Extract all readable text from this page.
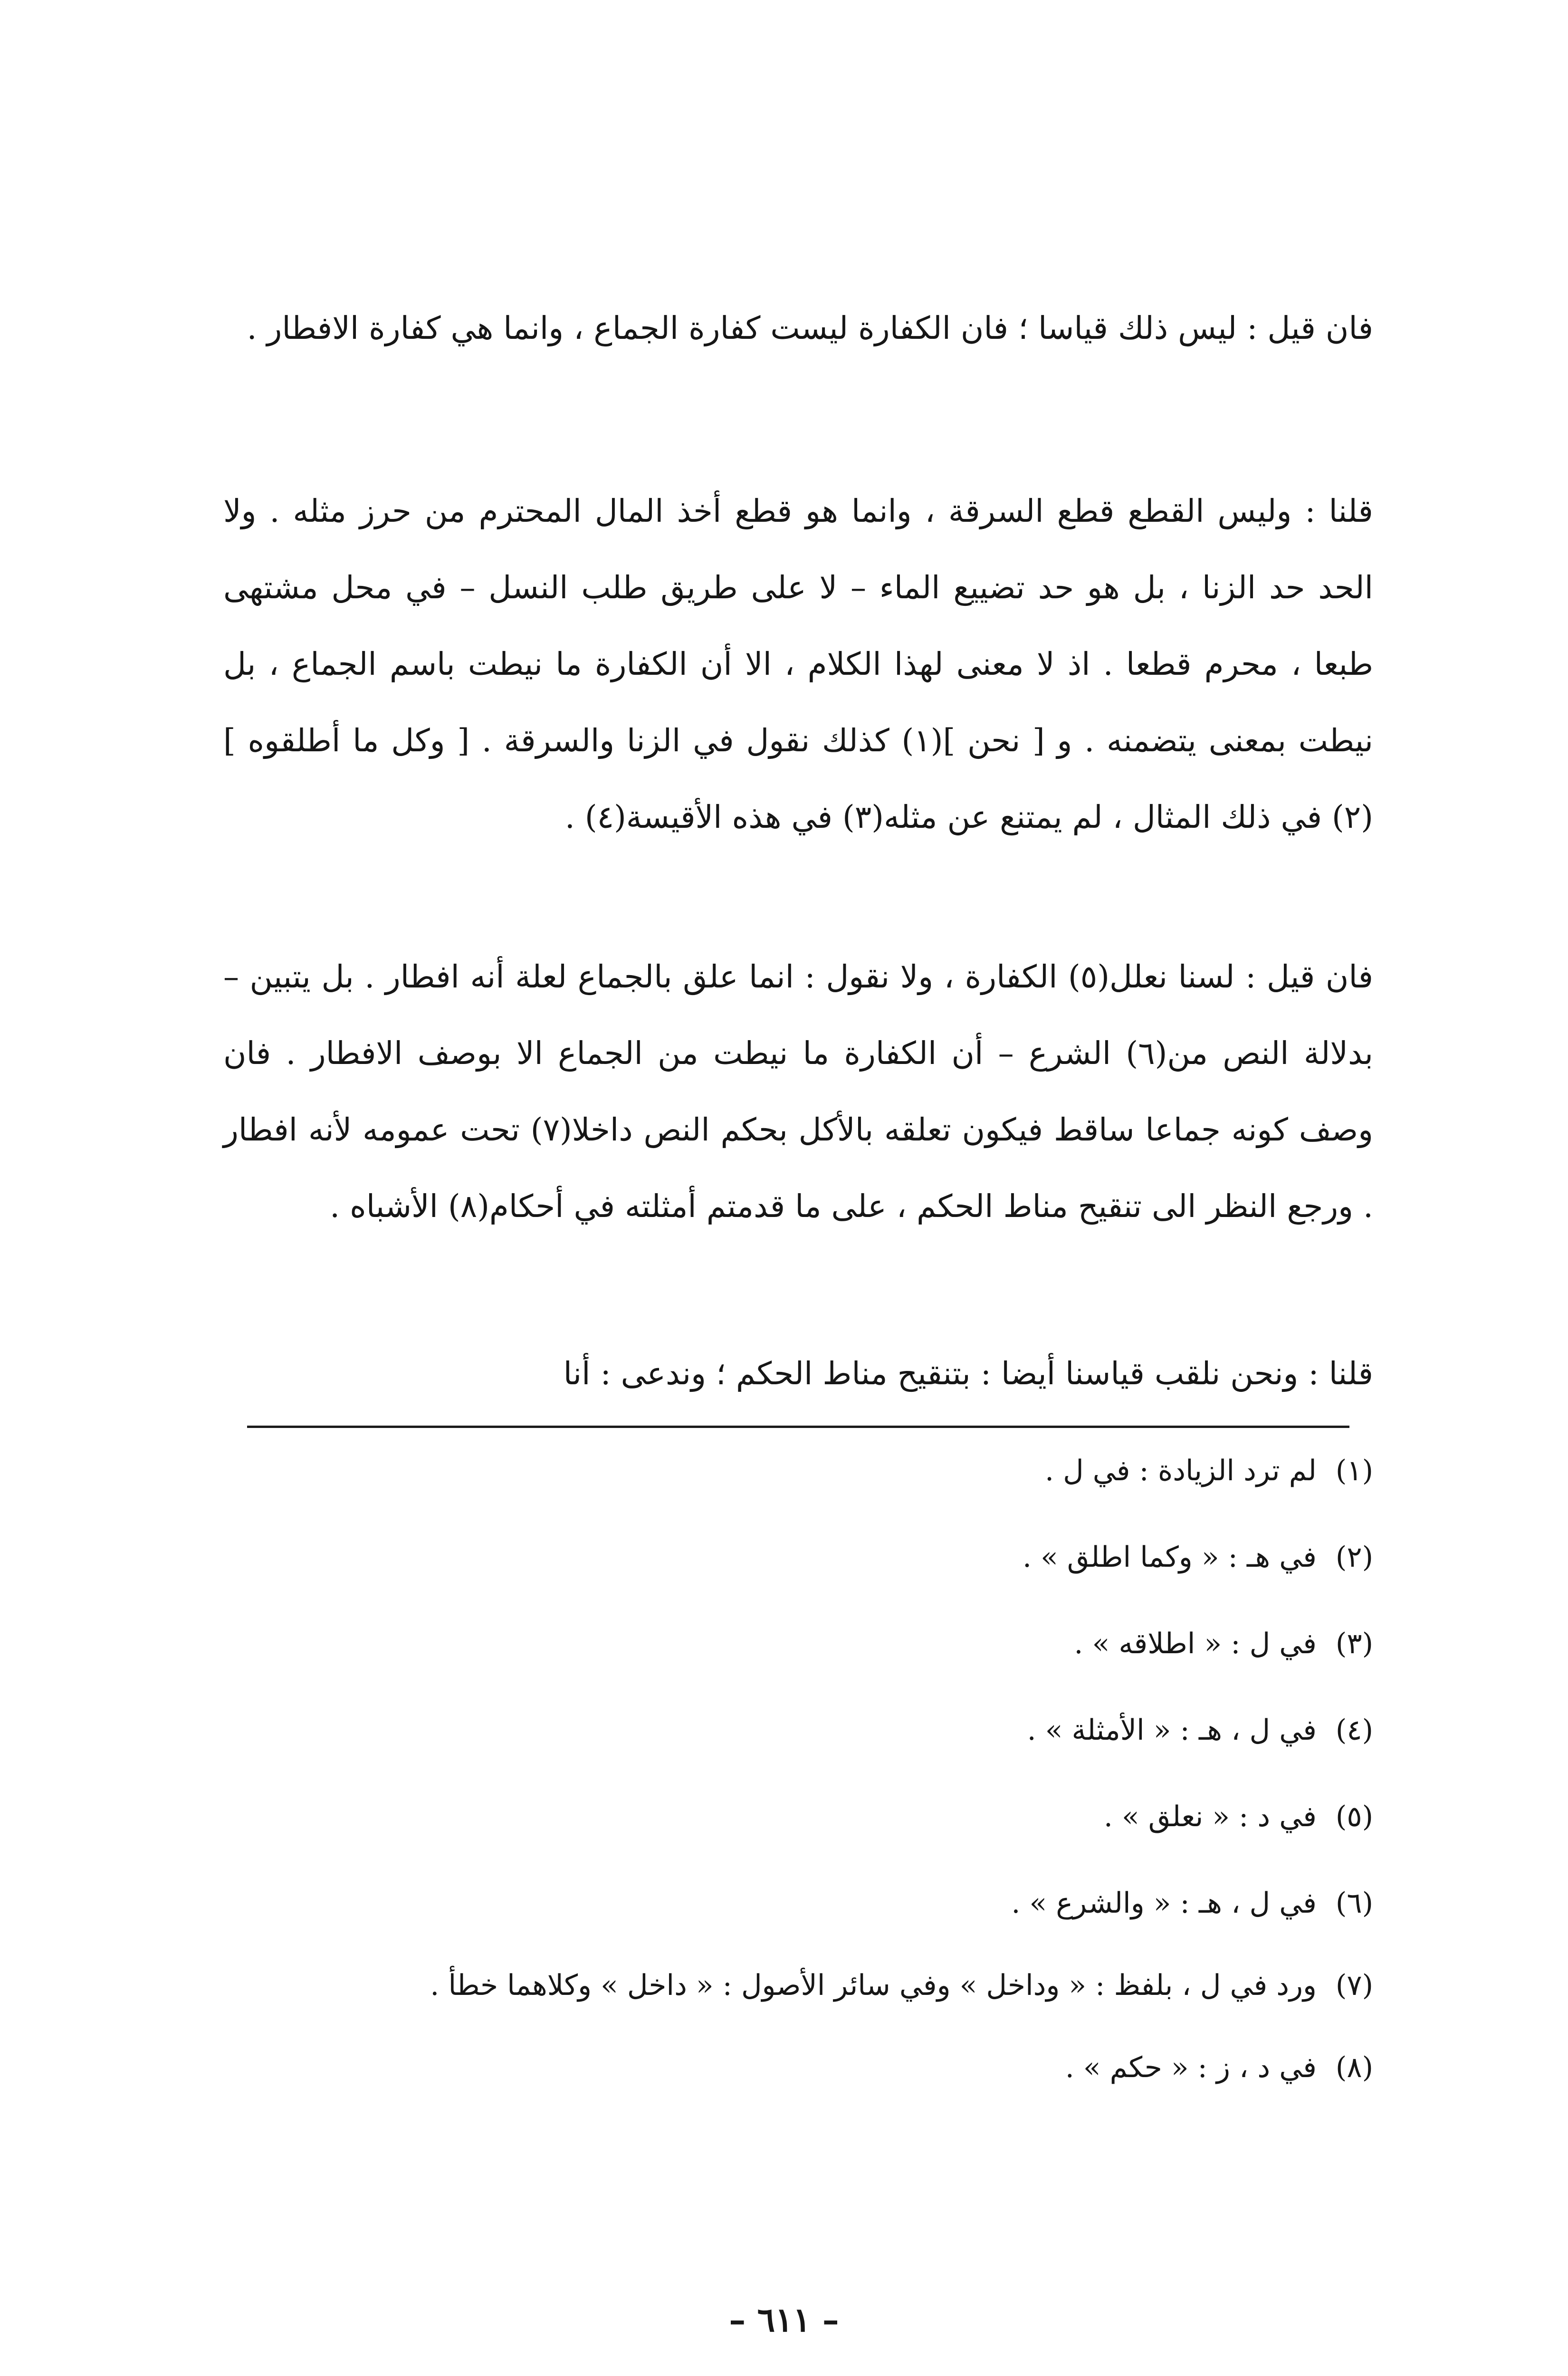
فان قيل : ليس ذلك قياسا ؛ فان الكفارة ليست كفارة الجماع ، وانما هي كفارة الافطار .

قلنا : وليس القطع قطع السرقة ، وانما هو قطع أخذ المال المحترم من حرز مثله . ولا الحد حد الزنا ، بل هو حد تضييع الماء – لا على طريق طلب النسل – في محل مشتهى طبعا ، محرم قطعا . اذ لا معنى لهذا الكلام ، الا أن الكفارة ما نيطت باسم الجماع ، بل نيطت بمعنى يتضمنه . و [ نحن ](١) كذلك نقول في الزنا والسرقة . [ وكل ما أطلقوه ](٢) في ذلك المثال ، لم يمتنع عن مثله(٣) في هذه الأقيسة(٤) .

فان قيل : لسنا نعلل(٥) الكفارة ، ولا نقول : انما علق بالجماع لعلة أنه افطار . بل يتبين – بدلالة النص من(٦) الشرع – أن الكفارة ما نيطت من الجماع الا بوصف الافطار . فان وصف كونه جماعا ساقط فيكون تعلقه بالأكل بحكم النص داخلا(٧) تحت عمومه لأنه افطار . ورجع النظر الى تنقيح مناط الحكم ، على ما قدمتم أمثلته في أحكام(٨) الأشباه .

قلنا : ونحن نلقب قياسنا أيضا : بتنقيح مناط الحكم ؛ وندعى : أنا

(١)لم ترد الزيادة : في ل .

(٢)في هـ : « وكما اطلق » .

(٣)في ل : « اطلاقه » .

(٤)في ل ، هـ : « الأمثلة » .

(٥)في د : « نعلق » .

(٦)في ل ، هـ : « والشرع » .

(٧)ورد في ل ، بلفظ : « وداخل » وفي سائر الأصول : « داخل » وكلاهما خطأ .

(٨)في د ، ز : « حكم » .

– ٦١١ –
